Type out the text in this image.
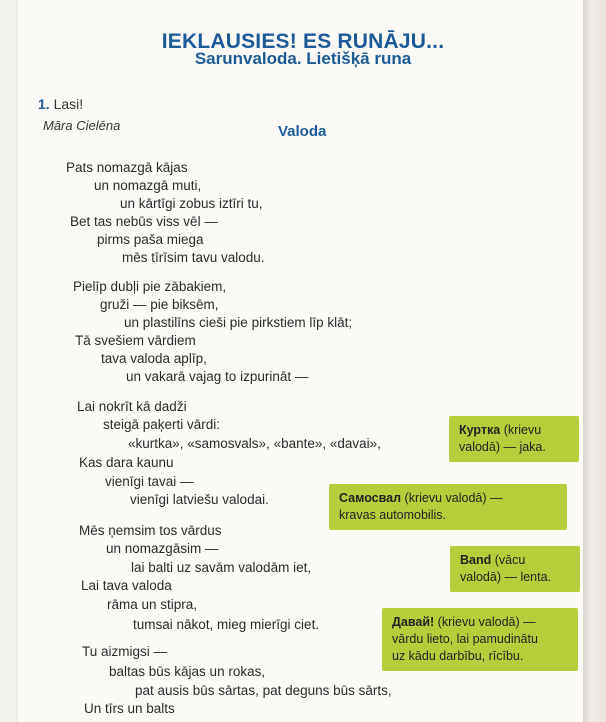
IEKLAUSIES! ES RUNĀJU...
Sarunvaloda. Lietišķā runa
1. Lasi!
Māra Cielēna	Valoda
Pats nomazgā kājas
un nomazgā muti,
un kārtīgi zobus iztīri tu,
Bet tas nebūs viss vēl —
pirms paša miega
mēs tīrīsim tavu valodu.
Pielīp dubļi pie zābakiem,
gruži — pie biksēm,
un plastilīns cieši pie pirkstiem līp klāt;
Tā svešiem vārdiem
tava valoda aplīp,
un vakarā vajag to izpurināt —
Lai nokrīt kā dadži
steigā paķerti vārdi:
«kurtka», «samosvals», «bante», «davai»,
Kas dara kaunu
vienīgi tavai —
vienīgi latviešu valodai.
Mēs ņemsim tos vārdus
un nomazgāsim —
lai balti uz savām valodām iet,
Lai tava valoda
rāma un stipra,
tumsai nākot, mieg mierīgi ciet.
Tu aizmigsi —
baltas būs kājas un rokas,
pat ausis būs sārtas, pat deguns būs sārts,
Un tīrs un balts
Куртка (krievu
valodā) — jaka.
Самосвал (krievu valodā) —
kravas automobilis.
Band (vācu
valodā) — lenta.
Давай! (krievu valodā) —
vārdu lieto, lai pamudinātu
uz kādu darbību, rīcību.
